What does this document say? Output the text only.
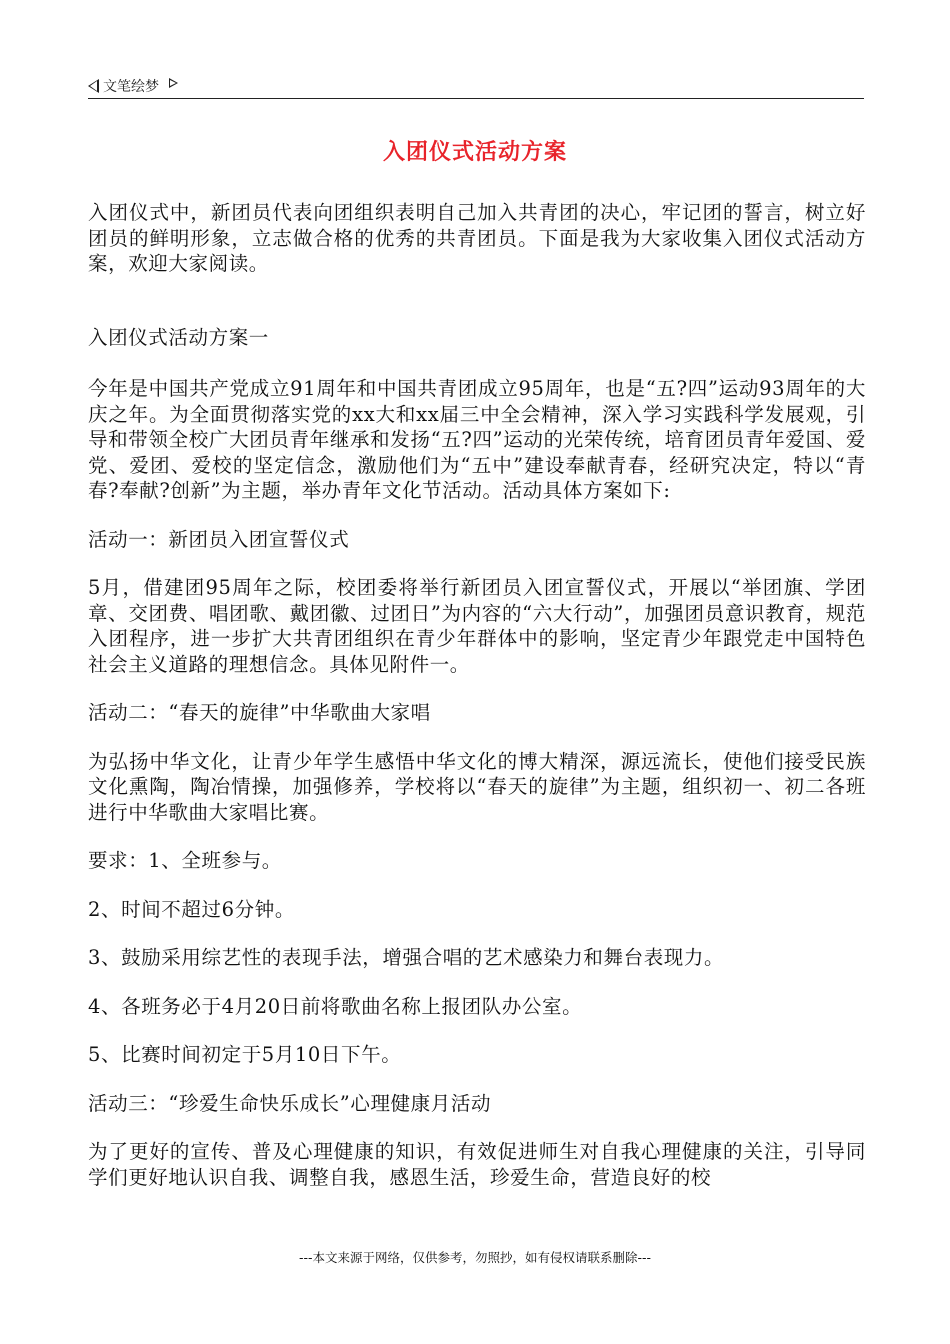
文笔绘梦
入团仪式活动方案

入团仪式中，新团员代表向团组织表明自己加入共青团的决心，牢记团的誓言，树立好团员的鲜明形象，立志做合格的优秀的共青团员。下面是我为大家收集入团仪式活动方案，欢迎大家阅读。

入团仪式活动方案一

今年是中国共产党成立91周年和中国共青团成立95周年，也是“五?四”运动93周年的大庆之年。为全面贯彻落实党的xx大和xx届三中全会精神，深入学习实践科学发展观，引导和带领全校广大团员青年继承和发扬“五?四”运动的光荣传统，培育团员青年爱国、爱党、爱团、爱校的坚定信念，激励他们为“五中”建设奉献青春，经研究决定，特以“青春?奉献?创新”为主题，举办青年文化节活动。活动具体方案如下:

活动一：新团员入团宣誓仪式

5月，借建团95周年之际，校团委将举行新团员入团宣誓仪式，开展以“举团旗、学团章、交团费、唱团歌、戴团徽、过团日”为内容的“六大行动”，加强团员意识教育，规范入团程序，进一步扩大共青团组织在青少年群体中的影响，坚定青少年跟党走中国特色社会主义道路的理想信念。具体见附件一。

活动二：“春天的旋律”中华歌曲大家唱

为弘扬中华文化，让青少年学生感悟中华文化的博大精深，源远流长，使他们接受民族文化熏陶，陶冶情操，加强修养，学校将以“春天的旋律”为主题，组织初一、初二各班进行中华歌曲大家唱比赛。

要求：1、全班参与。

2、时间不超过6分钟。

3、鼓励采用综艺性的表现手法，增强合唱的艺术感染力和舞台表现力。

4、各班务必于4月20日前将歌曲名称上报团队办公室。

5、比赛时间初定于5月10日下午。

活动三：“珍爱生命快乐成长”心理健康月活动

为了更好的宣传、普及心理健康的知识，有效促进师生对自我心理健康的关注，引导同学们更好地认识自我、调整自我，感恩生活，珍爱生命，营造良好的校

---本文来源于网络，仅供参考，勿照抄，如有侵权请联系删除---
